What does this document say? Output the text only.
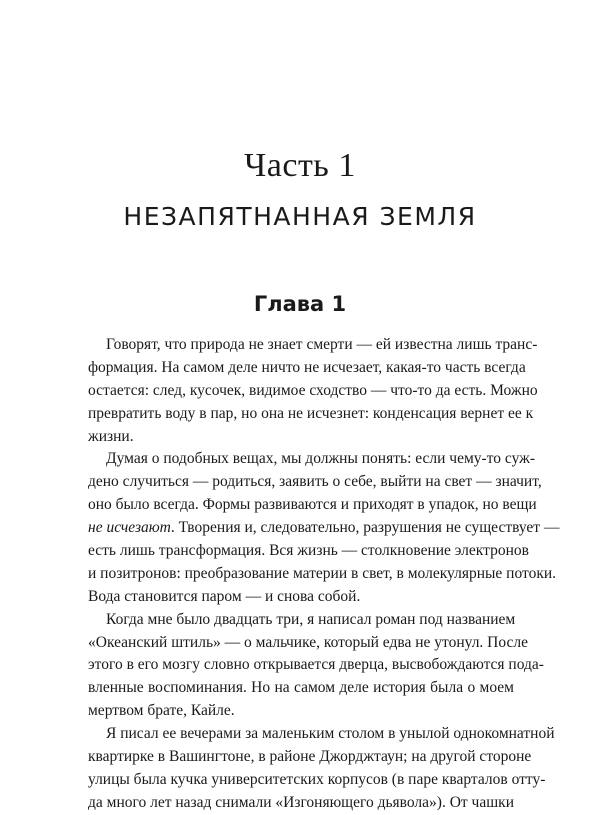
Часть 1
НЕЗАПЯТНАННАЯ ЗЕМЛЯ
Глава 1
Говорят, что природа не знает смерти — ей известна лишь транс-
формация. На самом деле ничто не исчезает, какая-то часть всегда
остается: след, кусочек, видимое сходство — что-то да есть. Можно
превратить воду в пар, но она не исчезнет: конденсация вернет ее к
жизни.
Думая о подобных вещах, мы должны понять: если чему-то суж-
дено случиться — родиться, заявить о себе, выйти на свет — значит,
оно было всегда. Формы развиваются и приходят в упадок, но вещи
не исчезают. Творения и, следовательно, разрушения не существует —
есть лишь трансформация. Вся жизнь — столкновение электронов
и позитронов: преобразование материи в свет, в молекулярные потоки.
Вода становится паром — и снова собой.
Когда мне было двадцать три, я написал роман под названием
«Океанский штиль» — о мальчике, который едва не утонул. После
этого в его мозгу словно открывается дверца, высвобождаются пода-
вленные воспоминания. Но на самом деле история была о моем
мертвом брате, Кайле.
Я писал ее вечерами за маленьким столом в унылой однокомнатной
квартирке в Вашингтоне, в районе Джорджтаун; на другой стороне
улицы была кучка университетских корпусов (в паре кварталов отту-
да много лет назад снимали «Изгоняющего дьявола»). От чашки
